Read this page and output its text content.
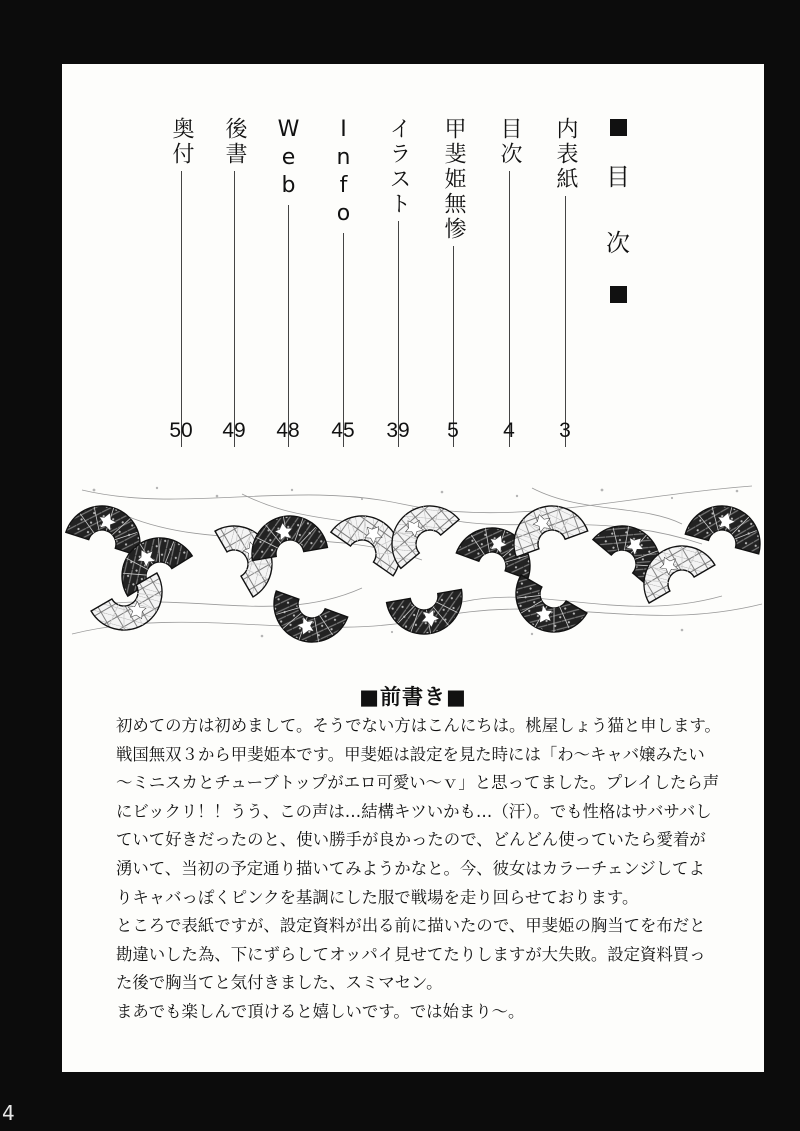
目
次
内表紙
3
目次
4
甲斐姫無惨
5
イラスト
39
Info
45
Web
48
後書
49
奥付
50
■前書き■

初めての方は初めまして。そうでない方はこんにちは。桃屋しょう猫と申します。

戦国無双３から甲斐姫本です。甲斐姫は設定を見た時には「わ～キャバ嬢みたい

～ミニスカとチューブトップがエロ可愛い～ｖ」と思ってました。プレイしたら声

にビックリ！！うう、この声は…結構キツいかも…（汗）。でも性格はサバサバし

ていて好きだったのと、使い勝手が良かったので、どんどん使っていたら愛着が

湧いて、当初の予定通り描いてみようかなと。今、彼女はカラーチェンジしてよ

りキャバっぽくピンクを基調にした服で戦場を走り回らせております。

ところで表紙ですが、設定資料が出る前に描いたので、甲斐姫の胸当てを布だと

勘違いした為、下にずらしてオッパイ見せてたりしますが大失敗。設定資料買っ

た後で胸当てと気付きました、スミマセン。

まあでも楽しんで頂けると嬉しいです。では始まり～。

4
